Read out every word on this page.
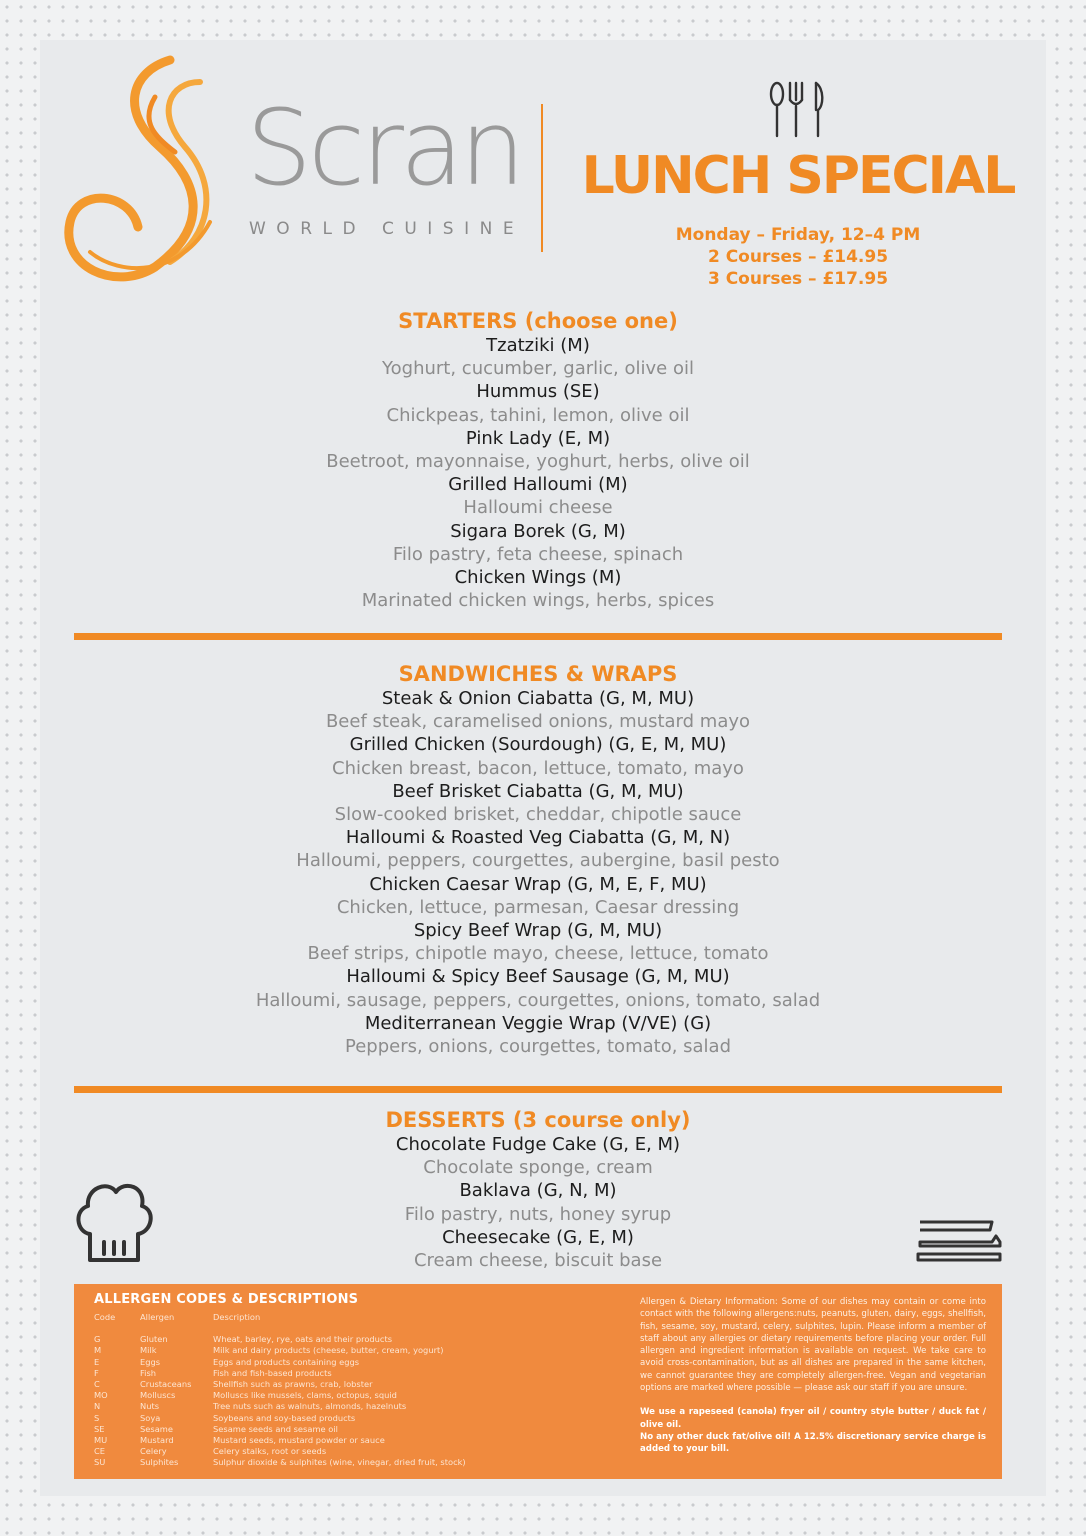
Scran
WORLD CUISINE
LUNCH SPECIAL
Monday – Friday, 12–4 PM
2 Courses – £14.95
3 Courses – £17.95
STARTERS (choose one)
Tzatziki (M)
Yoghurt, cucumber, garlic, olive oil
Hummus (SE)
Chickpeas, tahini, lemon, olive oil
Pink Lady (E, M)
Beetroot, mayonnaise, yoghurt, herbs, olive oil
Grilled Halloumi (M)
Halloumi cheese
Sigara Borek (G, M)
Filo pastry, feta cheese, spinach
Chicken Wings (M)
Marinated chicken wings, herbs, spices
SANDWICHES & WRAPS
Steak & Onion Ciabatta (G, M, MU)
Beef steak, caramelised onions, mustard mayo
Grilled Chicken (Sourdough) (G, E, M, MU)
Chicken breast, bacon, lettuce, tomato, mayo
Beef Brisket Ciabatta (G, M, MU)
Slow-cooked brisket, cheddar, chipotle sauce
Halloumi & Roasted Veg Ciabatta (G, M, N)
Halloumi, peppers, courgettes, aubergine, basil pesto
Chicken Caesar Wrap (G, M, E, F, MU)
Chicken, lettuce, parmesan, Caesar dressing
Spicy Beef Wrap (G, M, MU)
Beef strips, chipotle mayo, cheese, lettuce, tomato
Halloumi & Spicy Beef Sausage (G, M, MU)
Halloumi, sausage, peppers, courgettes, onions, tomato, salad
Mediterranean Veggie Wrap (V/VE) (G)
Peppers, onions, courgettes, tomato, salad
DESSERTS (3 course only)
Chocolate Fudge Cake (G, E, M)
Chocolate sponge, cream
Baklava (G, N, M)
Filo pastry, nuts, honey syrup
Cheesecake (G, E, M)
Cream cheese, biscuit base
ALLERGEN CODES & DESCRIPTIONS
Code	Allergen	Description
G	Gluten	Wheat, barley, rye, oats and their products
M	Milk	Milk and dairy products (cheese, butter, cream, yogurt)
E	Eggs	Eggs and products containing eggs
F	Fish	Fish and fish-based products
C	Crustaceans	Shellfish such as prawns, crab, lobster
MO	Molluscs	Molluscs like mussels, clams, octopus, squid
N	Nuts	Tree nuts such as walnuts, almonds, hazelnuts
S	Soya	Soybeans and soy-based products
SE	Sesame	Sesame seeds and sesame oil
MU	Mustard	Mustard seeds, mustard powder or sauce
CE	Celery	Celery stalks, root or seeds
SU	Sulphites	Sulphur dioxide & sulphites (wine, vinegar, dried fruit, stock)

Allergen & Dietary Information: Some of our dishes may contain or come into contact with the following allergens:nuts, peanuts, gluten, dairy, eggs, shellfish, fish, sesame, soy, mustard, celery, sulphites, lupin. Please inform a member of staff about any allergies or dietary requirements before placing your order. Full allergen and ingredient information is available on request. We take care to avoid cross-contamination, but as all dishes are prepared in the same kitchen, we cannot guarantee they are completely allergen-free. Vegan and vegetarian options are marked where possible — please ask our staff if you are unsure.

We use a rapeseed (canola) fryer oil / country style butter / duck fat / olive oil.
No any other duck fat/olive oil! A 12.5% discretionary service charge is added to your bill.
